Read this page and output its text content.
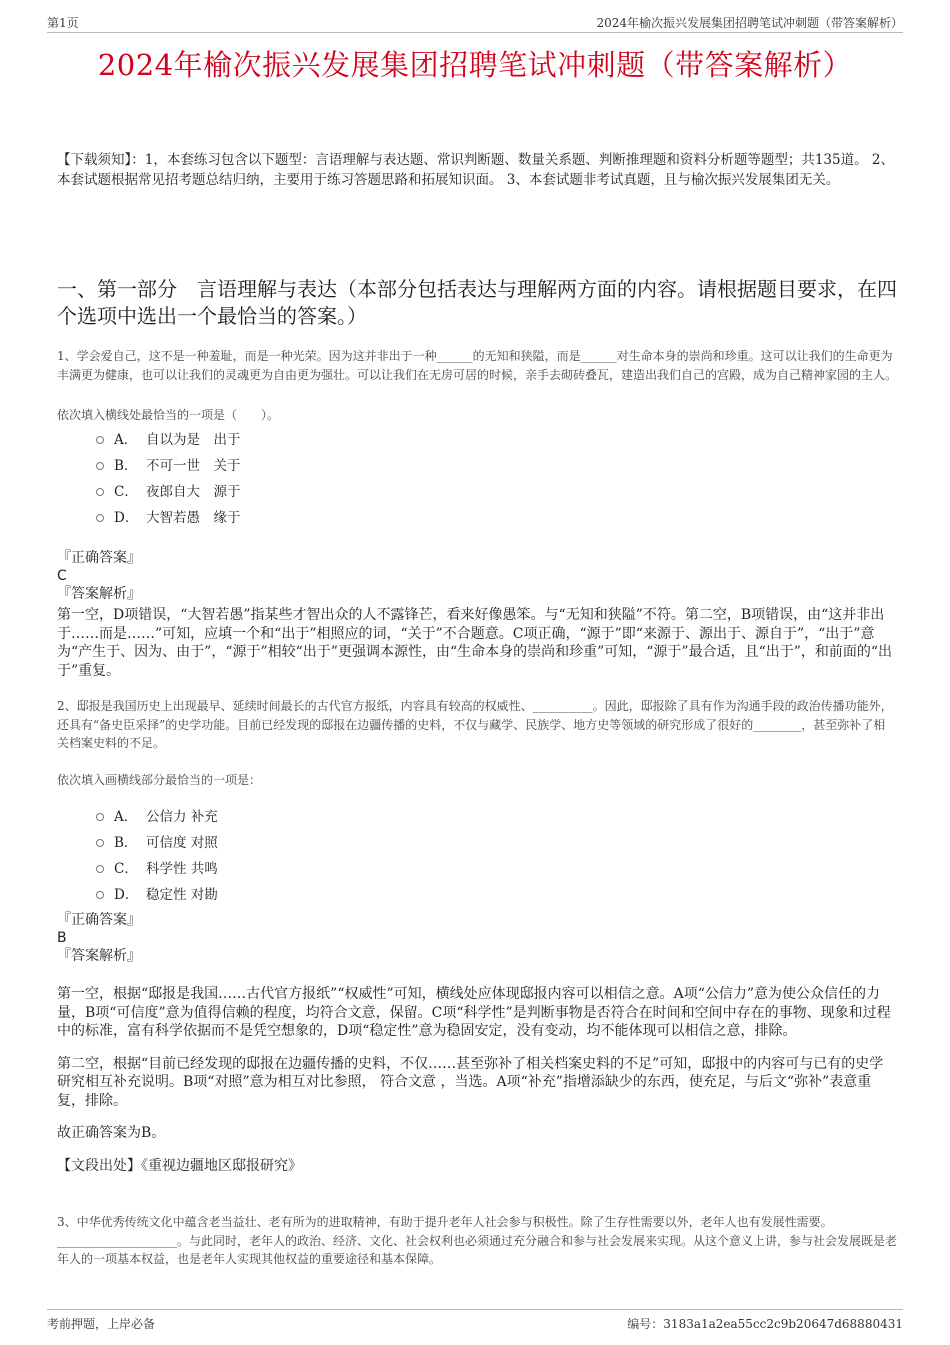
第1页	2024年榆次振兴发展集团招聘笔试冲刺题（带答案解析）
2024年榆次振兴发展集团招聘笔试冲刺题（带答案解析）
【下载须知】：1，本套练习包含以下题型：言语理解与表达题、常识判断题、数量关系题、判断推理题和资料分析题等题型；共135道。 2、本套试题根据常见招考题总结归纳，主要用于练习答题思路和拓展知识面。 3、本套试题非考试真题，且与榆次振兴发展集团无关。
一、第一部分　言语理解与表达（本部分包括表达与理解两方面的内容。请根据题目要求，在四个选项中选出一个最恰当的答案。）
1、学会爱自己，这不是一种羞耻，而是一种光荣。因为这并非出于一种______的无知和狭隘，而是______对生命本身的崇尚和珍重。这可以让我们的生命更为丰满更为健康，也可以让我们的灵魂更为自由更为强壮。可以让我们在无房可居的时候，亲手去砌砖叠瓦，建造出我们自己的宫殿，成为自己精神家园的主人。
依次填入横线处最恰当的一项是（　　）。
A． 自以为是　出于
B． 不可一世　关于
C． 夜郎自大　源于
D． 大智若愚　缘于
『正确答案』
C
『答案解析』

第一空，D项错误，“大智若愚”指某些才智出众的人不露锋芒，看来好像愚笨。与“无知和狭隘”不符。第二空，B项错误，由“这并非出于……而是……”可知，应填一个和“出于”相照应的词，“关于”不合题意。C项正确，“源于”即“来源于、源出于、源自于”，“出于”意为“产生于、因为、由于”，“源于”相较“出于”更强调本源性，由“生命本身的崇尚和珍重”可知，“源于”最合适，且“出于”，和前面的“出于”重复。

2、邸报是我国历史上出现最早、延续时间最长的古代官方报纸，内容具有较高的权威性、__________。因此，邸报除了具有作为沟通手段的政治传播功能外，还具有“备史臣采择”的史学功能。目前已经发现的邸报在边疆传播的史料，不仅与藏学、民族学、地方史等领域的研究形成了很好的________，甚至弥补了相关档案史料的不足。
依次填入画横线部分最恰当的一项是：
A． 公信力 补充
B． 可信度 对照
C． 科学性 共鸣
D． 稳定性 对勘
『正确答案』
B
『答案解析』

第一空，根据“邸报是我国……古代官方报纸”“权威性”可知，横线处应体现邸报内容可以相信之意。A项“公信力”意为使公众信任的力量，B项“可信度”意为值得信赖的程度，均符合文意，保留。C项“科学性”是判断事物是否符合在时间和空间中存在的事物、现象和过程中的标准，富有科学依据而不是凭空想象的，D项“稳定性”意为稳固安定，没有变动，均不能体现可以相信之意，排除。

第二空，根据“目前已经发现的邸报在边疆传播的史料，不仅……甚至弥补了相关档案史料的不足”可知，邸报中的内容可与已有的史学研究相互补充说明。B项“对照”意为相互对比参照， 符合文意 ，当选。A项“补充”指增添缺少的东西，使充足，与后文“弥补”表意重复，排除。

故正确答案为B。

【文段出处】《重视边疆地区邸报研究》

3、中华优秀传统文化中蕴含老当益壮、老有所为的进取精神，有助于提升老年人社会参与积极性。除了生存性需要以外，老年人也有发展性需要。____________________。与此同时，老年人的政治、经济、文化、社会权利也必须通过充分融合和参与社会发展来实现。从这个意义上讲，参与社会发展既是老年人的一项基本权益，也是老年人实现其他权益的重要途径和基本保障。
考前押题，上岸必备	编号：3183a1a2ea55cc2c9b20647d68880431
